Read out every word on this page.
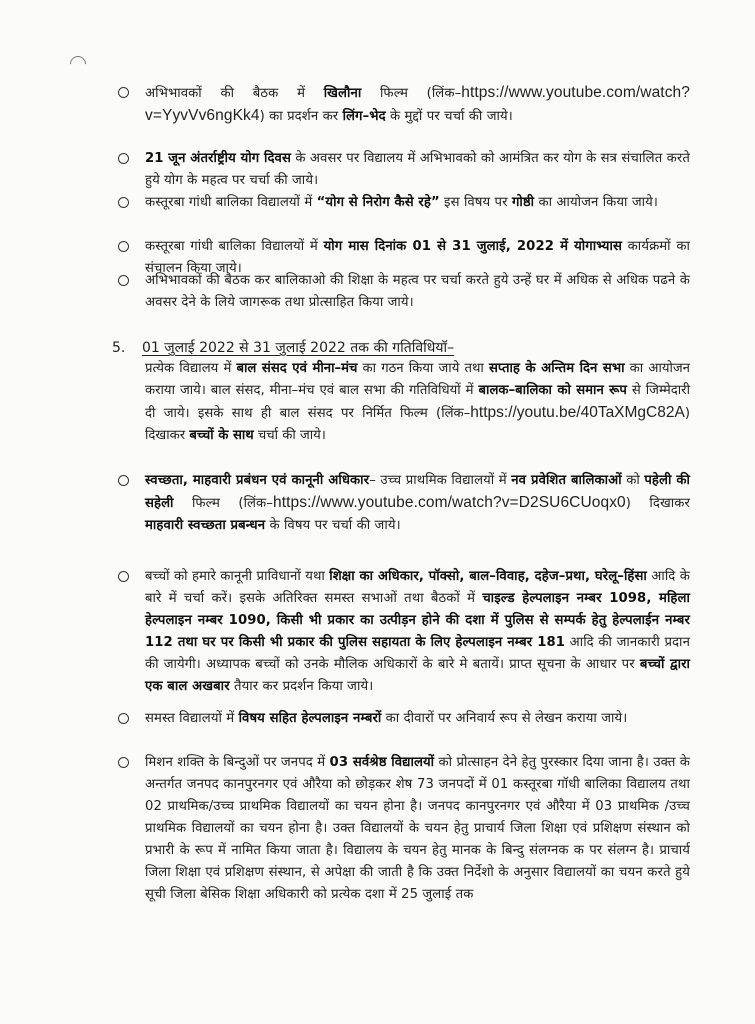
अभिभावकों की बैठक में खिलौना फिल्म (लिंक–https://www.youtube.com/watch?v=YyvVv6ngKk4) का प्रदर्शन कर लिंग–भेद के मुद्दों पर चर्चा की जाये।
21 जून अंतर्राष्ट्रीय योग दिवस के अवसर पर विद्यालय में अभिभावको को आमंत्रित कर योग के सत्र संचालित करते हुये योग के महत्व पर चर्चा की जाये।
कस्तूरबा गांधी बालिका विद्यालयों में “योग से निरोग कैसे रहे” इस विषय पर गोष्ठी का आयोजन किया जाये।
कस्तूरबा गांधी बालिका विद्यालयों में योग मास दिनांक 01 से 31 जुलाई, 2022 में योगाभ्यास कार्यक्रमों का संचालन किया जाये।
अभिभावकों की बैठक कर बालिकाओ की शिक्षा के महत्व पर चर्चा करते हुये उन्हें घर में अधिक से अधिक पढने के अवसर देने के लिये जागरूक तथा प्रोत्साहित किया जाये।
5. 01 जुलाई 2022 से 31 जुलाई 2022 तक की गतिविधियॉ–
प्रत्येक विद्यालय में बाल संसद एवं मीना–मंच का गठन किया जाये तथा सप्ताह के अन्तिम दिन सभा का आयोजन कराया जाये। बाल संसद, मीना–मंच एवं बाल सभा की गतिविधियों में बालक–बालिका को समान रूप से जिम्मेदारी दी जाये। इसके साथ ही बाल संसद पर निर्मित फिल्म (लिंक–https://youtu.be/40TaXMgC82A) दिखाकर बच्चों के साथ चर्चा की जाये।
स्वच्छता, माहवारी प्रबंधन एवं कानूनी अधिकार– उच्च प्राथमिक विद्यालयों में नव प्रवेशित बालिकाओं को पहेली की सहेली फिल्म (लिंक–https://www.youtube.com/watch?v=D2SU6CUoqx0) दिखाकर माहवारी स्वच्छता प्रबन्धन के विषय पर चर्चा की जाये।
बच्चों को हमारे कानूनी प्राविधानों यथा शिक्षा का अधिकार, पॉक्सो, बाल–विवाह, दहेज–प्रथा, घरेलू–हिंसा आदि के बारे में चर्चा करें। इसके अतिरिक्त समस्त सभाओं तथा बैठकों में चाइल्ड हेल्पलाइन नम्बर 1098, महिला हेल्पलाइन नम्बर 1090, किसी भी प्रकार का उत्पीड़न होने की दशा में पुलिस से सम्पर्क हेतु हेल्पलाईन नम्बर 112 तथा घर पर किसी भी प्रकार की पुलिस सहायता के लिए हेल्पलाइन नम्बर 181 आदि की जानकारी प्रदान की जायेगी। अध्यापक बच्चों को उनके मौलिक अधिकारों के बारे मे बतायें। प्राप्त सूचना के आधार पर बच्चों द्वारा एक बाल अखबार तैयार कर प्रदर्शन किया जाये।
समस्त विद्यालयों में विषय सहित हेल्पलाइन नम्बरों का दीवारों पर अनिवार्य रूप से लेखन कराया जाये।
मिशन शक्ति के बिन्दुओं पर जनपद में 03 सर्वश्रेष्ठ विद्यालयों को प्रोत्साहन देने हेतु पुरस्कार दिया जाना है। उक्त के अन्तर्गत जनपद कानपुरनगर एवं औरैया को छोड़कर शेष 73 जनपदों में 01 कस्तूरबा गॉधी बालिका विद्यालय तथा 02 प्राथमिक/उच्च प्राथमिक विद्यालयों का चयन होना है। जनपद कानपुरनगर एवं औरैया में 03 प्राथमिक /उच्च प्राथमिक विद्यालयों का चयन होना है। उक्त विद्यालयों के चयन हेतु प्राचार्य जिला शिक्षा एवं प्रशिक्षण संस्थान को प्रभारी के रूप में नामित किया जाता है। विद्यालय के चयन हेतु मानक के बिन्दु संलग्नक क पर संलग्न है। प्राचार्य जिला शिक्षा एवं प्रशिक्षण संस्थान, से अपेक्षा की जाती है कि उक्त निर्देशो के अनुसार विद्यालयों का चयन करते हुये सूची जिला बेसिक शिक्षा अधिकारी को प्रत्येक दशा में 25 जुलाई तक
